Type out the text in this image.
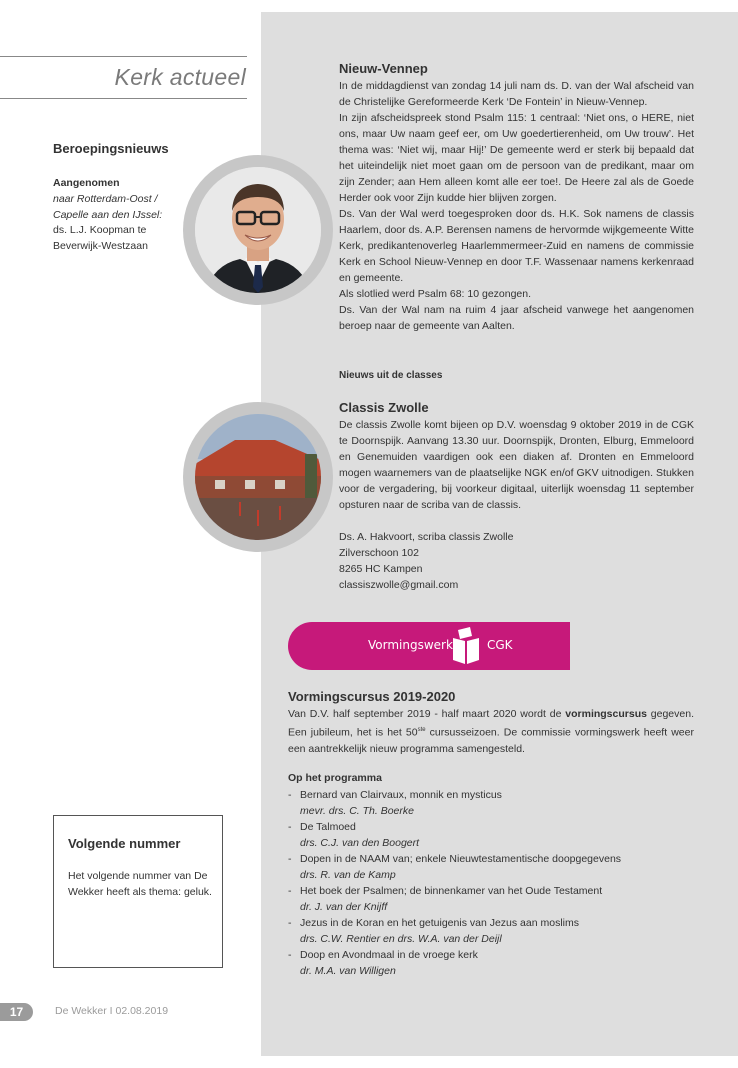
Kerk actueel
Beroepingsnieuws
Aangenomen
naar Rotterdam-Oost /
Capelle aan den IJssel:
ds. L.J. Koopman te
Beverwijk-Westzaan
Nieuw-Vennep

In de middagdienst van zondag 14 juli nam ds. D. van der Wal afscheid van de Christelijke Gereformeerde Kerk ‘De Fontein’ in Nieuw-Vennep.

In zijn afscheidspreek stond Psalm 115: 1 centraal: ‘Niet ons, o HERE, niet ons, maar Uw naam geef eer, om Uw goedertierenheid, om Uw trouw’. Het thema was: ‘Niet wij, maar Hij!’ De gemeente werd er sterk bij bepaald dat het uiteindelijk niet moet gaan om de persoon van de predikant, maar om zijn Zender; aan Hem alleen komt alle eer toe!. De Heere zal als de Goede Herder ook voor Zijn kudde hier blijven zorgen.

Ds. Van der Wal werd toegesproken door ds. H.K. Sok namens de classis Haarlem, door ds. A.P. Berensen namens de hervormde wijkgemeente Witte Kerk, predikantenoverleg Haarlemmermeer-Zuid en namens de commissie Kerk en School Nieuw-Vennep en door T.F. Wassenaar namens kerkenraad en gemeente.

Als slotlied werd Psalm 68: 10 gezongen.

Ds. Van der Wal nam na ruim 4 jaar afscheid vanwege het aangenomen beroep naar de gemeente van Aalten.

Nieuws uit de classes
Classis Zwolle
De classis Zwolle komt bijeen op D.V. woensdag 9 oktober 2019 in de CGK te Doornspijk. Aanvang 13.30 uur. Doornspijk, Dronten, Elburg, Emmeloord en Genemuiden vaardigen ook een diaken af. Dronten en Emmeloord mogen waarnemers van de plaatselijke NGK en/of GKV uitnodigen. Stukken voor de vergadering, bij voorkeur digitaal, uiterlijk woensdag 11 september opsturen naar de scriba van de classis.

Ds. A. Hakvoort, scriba classis Zwolle

Zilverschoon 102

8265 HC Kampen

classiszwolle@gmail.com

Vormingswerk	CGK
Vormingscursus 2019-2020
Van D.V. half september 2019 - half maart 2020 wordt de vormingscursus gegeven. Een jubileum, het is het 50ste cursusseizoen. De commissie vormingswerk heeft weer een aantrekkelijk nieuw programma samengesteld.
Op het programma
- Bernard van Clairvaux, monnik en mysticus
mevr. drs. C. Th. Boerke
- De Talmoed
drs. C.J. van den Boogert
- Dopen in de NAAM van; enkele Nieuwtestamentische doopgegevens
drs. R. van de Kamp
- Het boek der Psalmen; de binnenkamer van het Oude Testament
dr. J. van der Knijff
- Jezus in de Koran en het getuigenis van Jezus aan moslims
drs. C.W. Rentier en drs. W.A. van der Deijl
- Doop en Avondmaal in de vroege kerk
dr. M.A. van Willigen
Volgende nummer
Het volgende nummer van De Wekker heeft als thema: geluk.
17	De Wekker I 02.08.2019
